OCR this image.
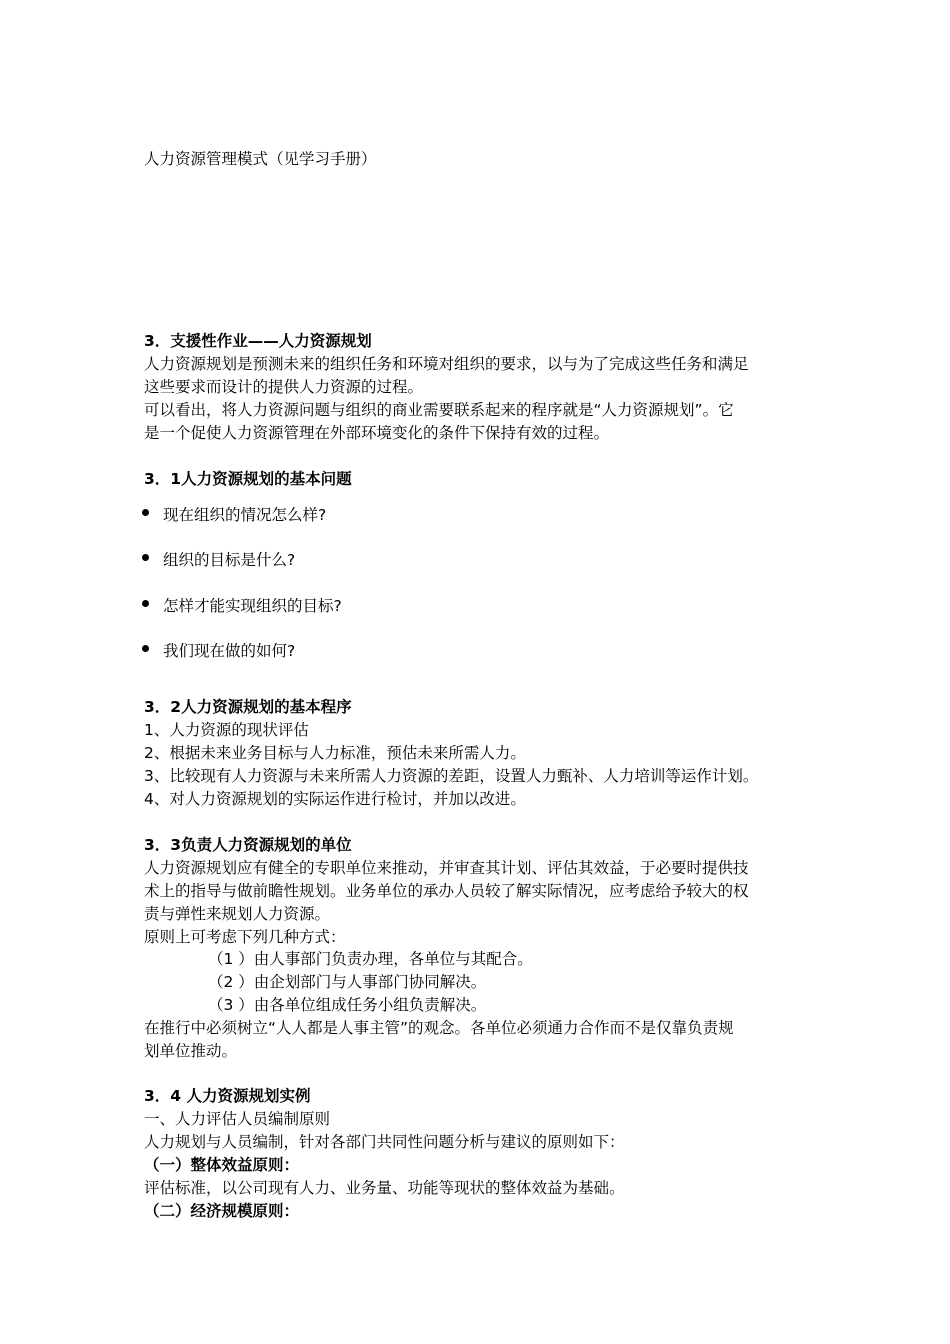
人力资源管理模式（见学习手册）
3．支援性作业——人力资源规划
人力资源规划是预测未来的组织任务和环境对组织的要求，以与为了完成这些任务和满足
这些要求而设计的提供人力资源的过程。
可以看出，将人力资源问题与组织的商业需要联系起来的程序就是“人力资源规划”。它
是一个促使人力资源管理在外部环境变化的条件下保持有效的过程。
3．1人力资源规划的基本问题
现在组织的情况怎么样?
组织的目标是什么?
怎样才能实现组织的目标?
我们现在做的如何?
3．2人力资源规划的基本程序
1、人力资源的现状评估
2、根据未来业务目标与人力标准，预估未来所需人力。
3、比较现有人力资源与未来所需人力资源的差距，设置人力甄补、人力培训等运作计划。
4、对人力资源规划的实际运作进行检讨，并加以改进。
3．3负责人力资源规划的单位
人力资源规划应有健全的专职单位来推动，并审查其计划、评估其效益，于必要时提供技
术上的指导与做前瞻性规划。业务单位的承办人员较了解实际情况，应考虑给予较大的权
责与弹性来规划人力资源。
原则上可考虑下列几种方式：
（1 ）由人事部门负责办理，各单位与其配合。
（2 ）由企划部门与人事部门协同解决。
（3 ）由各单位组成任务小组负责解决。
在推行中必须树立“人人都是人事主管”的观念。各单位必须通力合作而不是仅靠负责规
划单位推动。
3．4 人力资源规划实例
一、人力评估人员编制原则
人力规划与人员编制，针对各部门共同性问题分析与建议的原则如下：
（一）整体效益原则：
评估标准，以公司现有人力、业务量、功能等现状的整体效益为基础。
（二）经济规模原则：
